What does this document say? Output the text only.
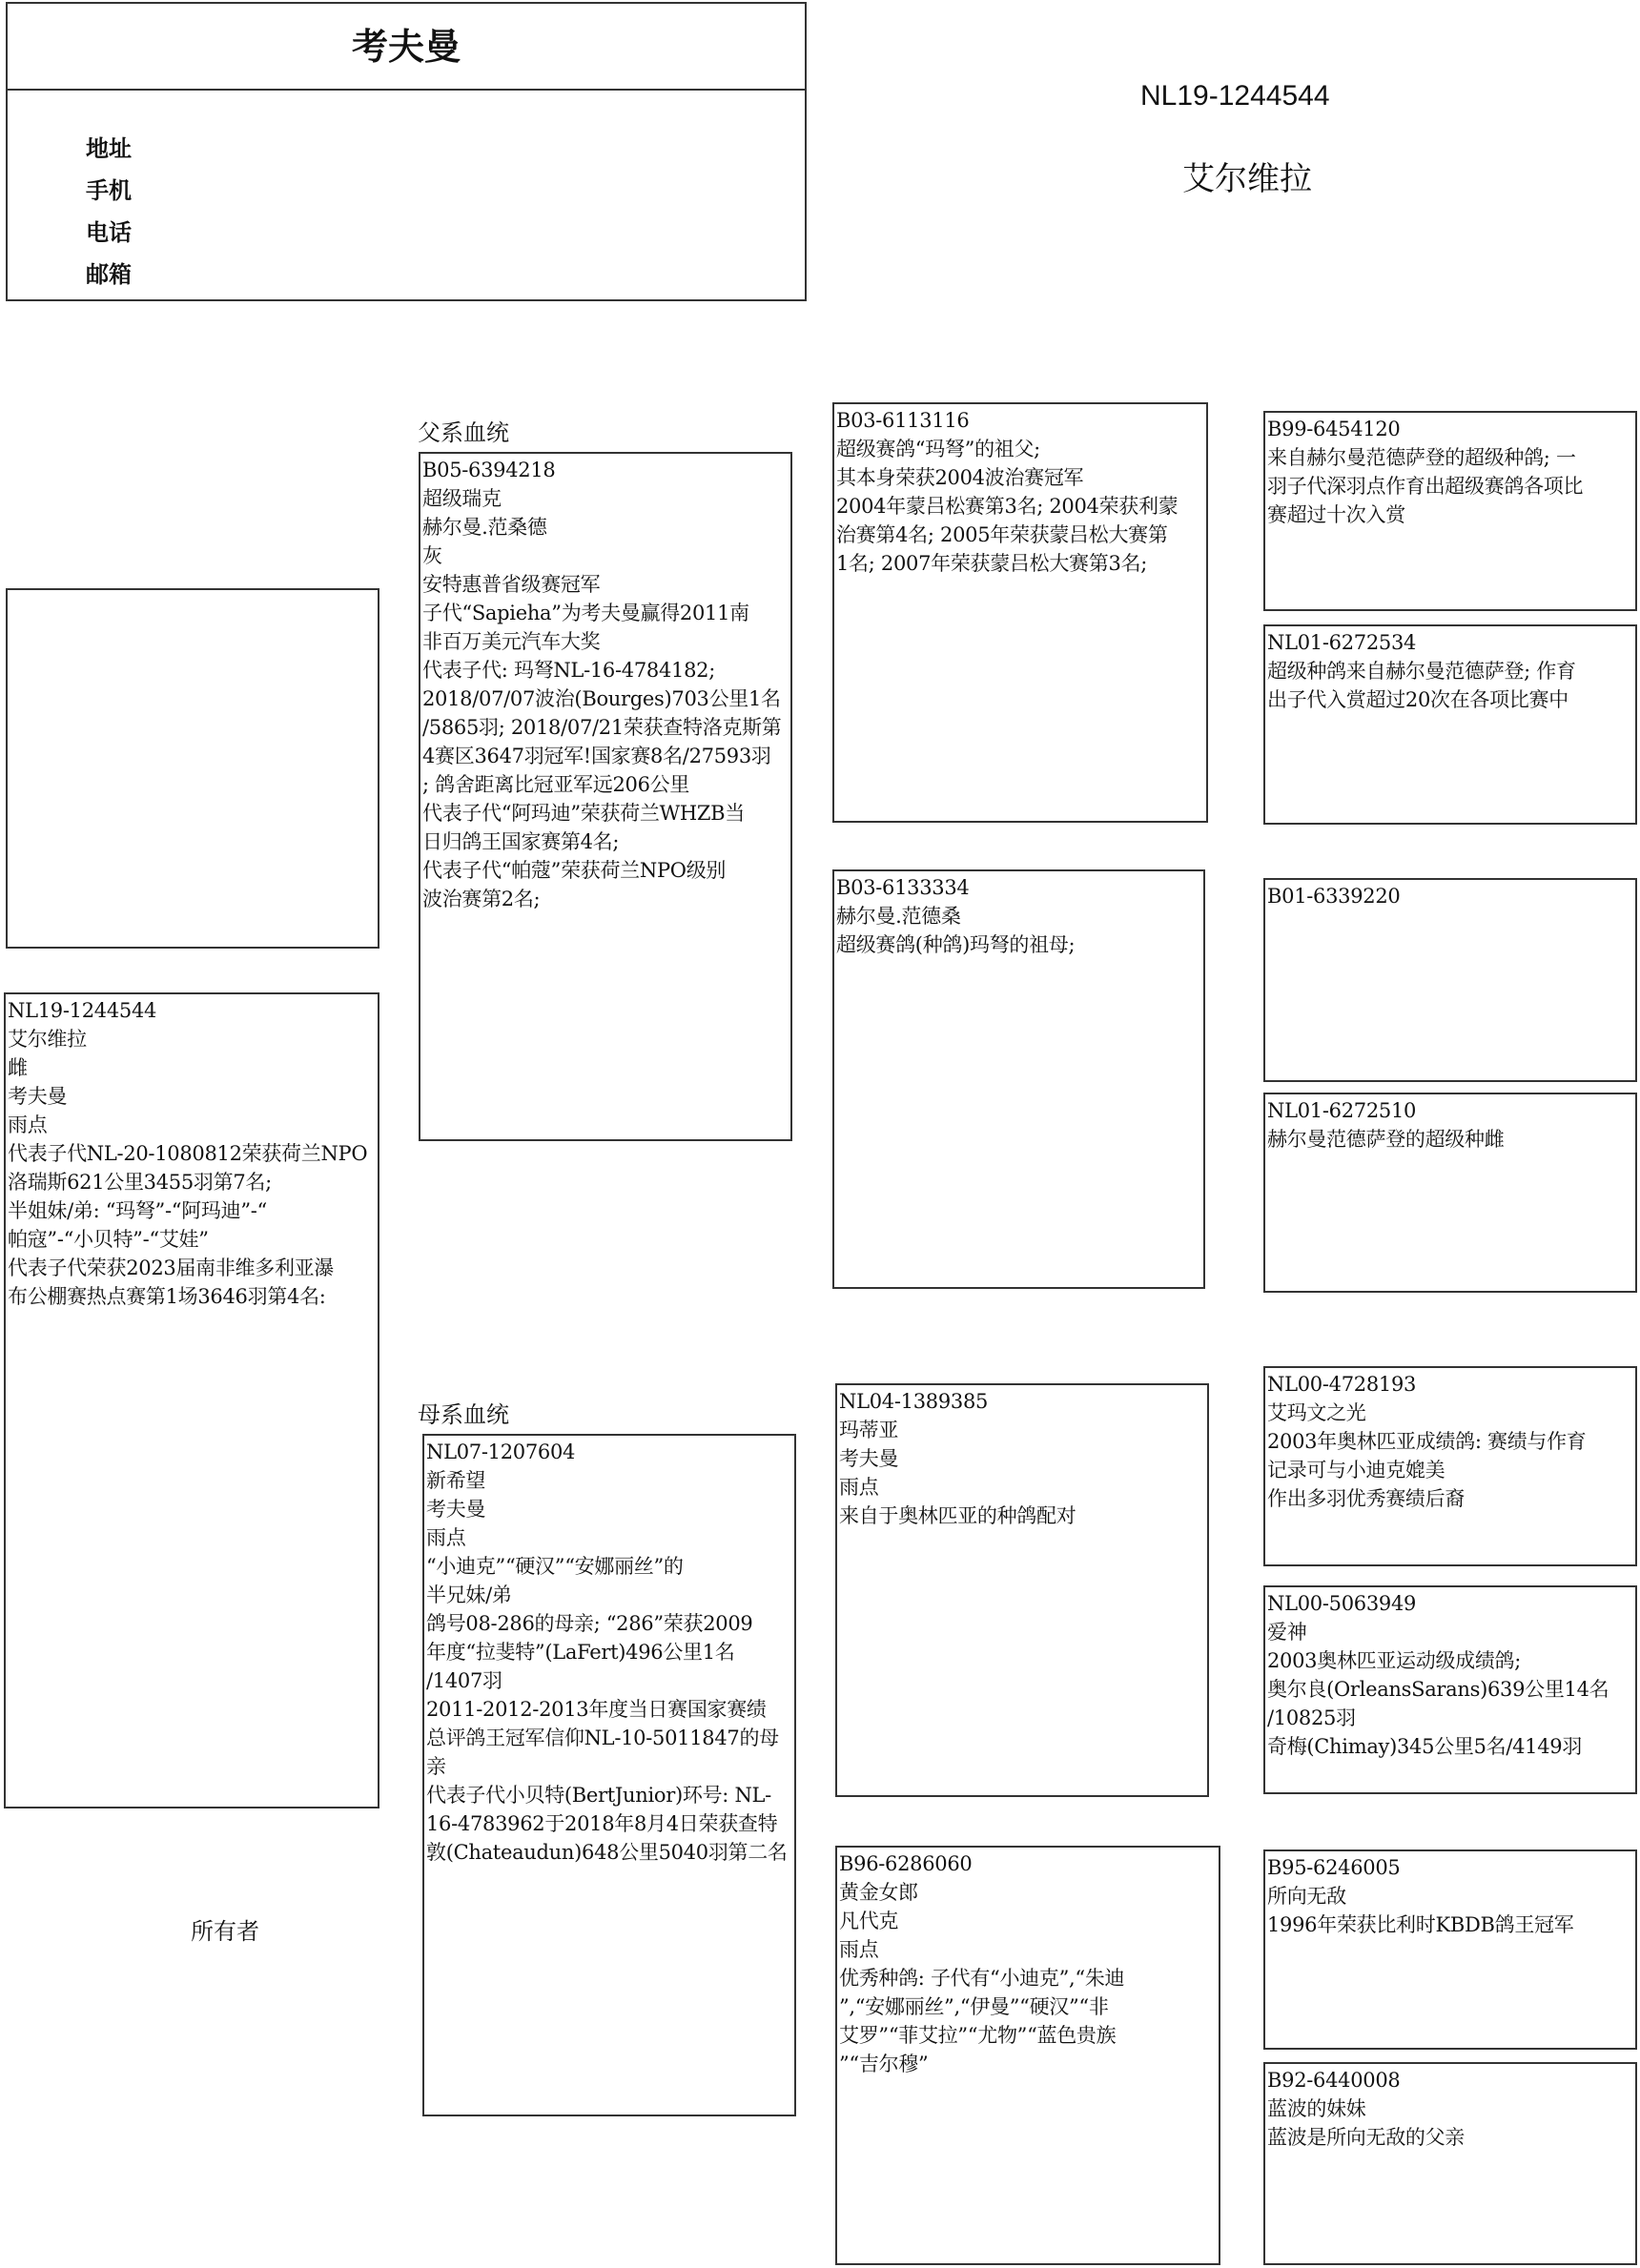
考夫曼
地址
手机
电话
邮箱
NL19-1244544
艾尔维拉
NL19-1244544
艾尔维拉
雌
考夫曼
雨点
代表子代NL-20-1080812荣获荷兰NPO
洛瑞斯621公里3455羽第7名;
半姐妹/弟: “玛弩”-“阿玛迪”-“
帕寇”-“小贝特”-“艾娃”
代表子代荣获2023届南非维多利亚瀑
布公棚赛热点赛第1场3646羽第4名:
所有者
父系血统
母系血统
B05-6394218
超级瑞克
赫尔曼.范桑德
灰
安特惠普省级赛冠军
子代“Sapieha”为考夫曼赢得2011南
非百万美元汽车大奖
代表子代: 玛弩NL-16-4784182;
2018/07/07波治(Bourges)703公里1名
/5865羽; 2018/07/21荣获查特洛克斯第
4赛区3647羽冠军!国家赛8名/27593羽
; 鸽舍距离比冠亚军远206公里
代表子代“阿玛迪”荣获荷兰WHZB当
日归鸽王国家赛第4名;
代表子代“帕蔻”荣获荷兰NPO级别
波治赛第2名;
NL07-1207604
新希望
考夫曼
雨点
“小迪克”“硬汉”“安娜丽丝”的
半兄妹/弟
鸽号08-286的母亲; “286”荣获2009
年度“拉斐特”(LaFert)496公里1名
/1407羽
2011-2012-2013年度当日赛国家赛绩
总评鸽王冠军信仰NL-10-5011847的母
亲
代表子代小贝特(BertJunior)环号: NL-
16-4783962于2018年8月4日荣获查特
敦(Chateaudun)648公里5040羽第二名
B03-6113116
超级赛鸽“玛弩”的祖父;
其本身荣获2004波治赛冠军
2004年蒙吕松赛第3名; 2004荣获利蒙
治赛第4名; 2005年荣获蒙吕松大赛第
1名; 2007年荣获蒙吕松大赛第3名;
B03-6133334
赫尔曼.范德桑
超级赛鸽(种鸽)玛弩的祖母;
NL04-1389385
玛蒂亚
考夫曼
雨点
来自于奥林匹亚的种鸽配对
B96-6286060
黄金女郎
凡代克
雨点
优秀种鸽: 子代有“小迪克”,“朱迪
”,“安娜丽丝”,“伊曼”“硬汉”“非
艾罗”“菲艾拉”“尤物”“蓝色贵族
”“吉尔穆”
B99-6454120
来自赫尔曼范德萨登的超级种鸽; 一
羽子代深羽点作育出超级赛鸽各项比
赛超过十次入赏
NL01-6272534
超级种鸽来自赫尔曼范德萨登; 作育
出子代入赏超过20次在各项比赛中
B01-6339220
NL01-6272510
赫尔曼范德萨登的超级种雌
NL00-4728193
艾玛文之光
2003年奥林匹亚成绩鸽: 赛绩与作育
记录可与小迪克媲美
作出多羽优秀赛绩后裔
NL00-5063949
爱神
2003奥林匹亚运动级成绩鸽;
奥尔良(OrleansSarans)639公里14名
/10825羽
奇梅(Chimay)345公里5名/4149羽
B95-6246005
所向无敌
1996年荣获比利时KBDB鸽王冠军
B92-6440008
蓝波的妹妹
蓝波是所向无敌的父亲
